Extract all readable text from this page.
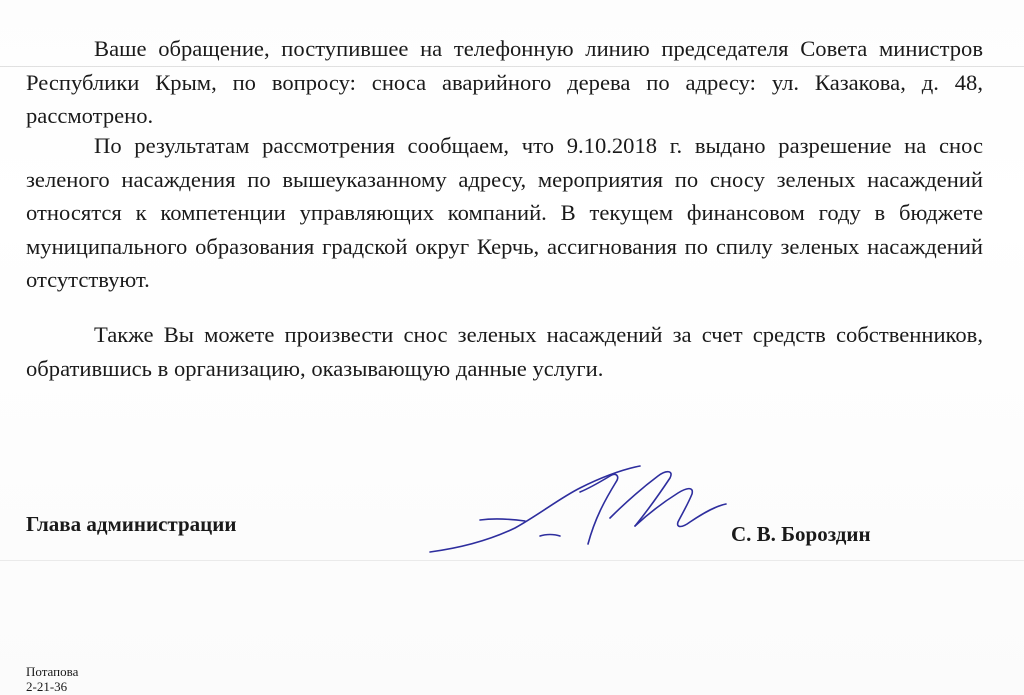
Ваше обращение, поступившее на телефонную линию председателя Совета министров Республики Крым, по вопросу: сноса аварийного дерева по адресу: ул. Казакова, д. 48, рассмотрено.

По результатам рассмотрения сообщаем, что 9.10.2018 г. выдано разрешение на снос зеленого насаждения по вышеуказанному адресу, мероприятия по сносу зеленых насаждений относятся к компетенции управляющих компаний. В текущем финансовом году в бюджете муниципального образования градской округ Керчь, ассигнования по спилу зеленых насаждений отсутствуют.

Также Вы можете произвести снос зеленых насаждений за счет средств собственников, обратившись в организацию, оказывающую данные услуги.

Глава администрации	С. В. Бороздин

Потапова
2-21-36
